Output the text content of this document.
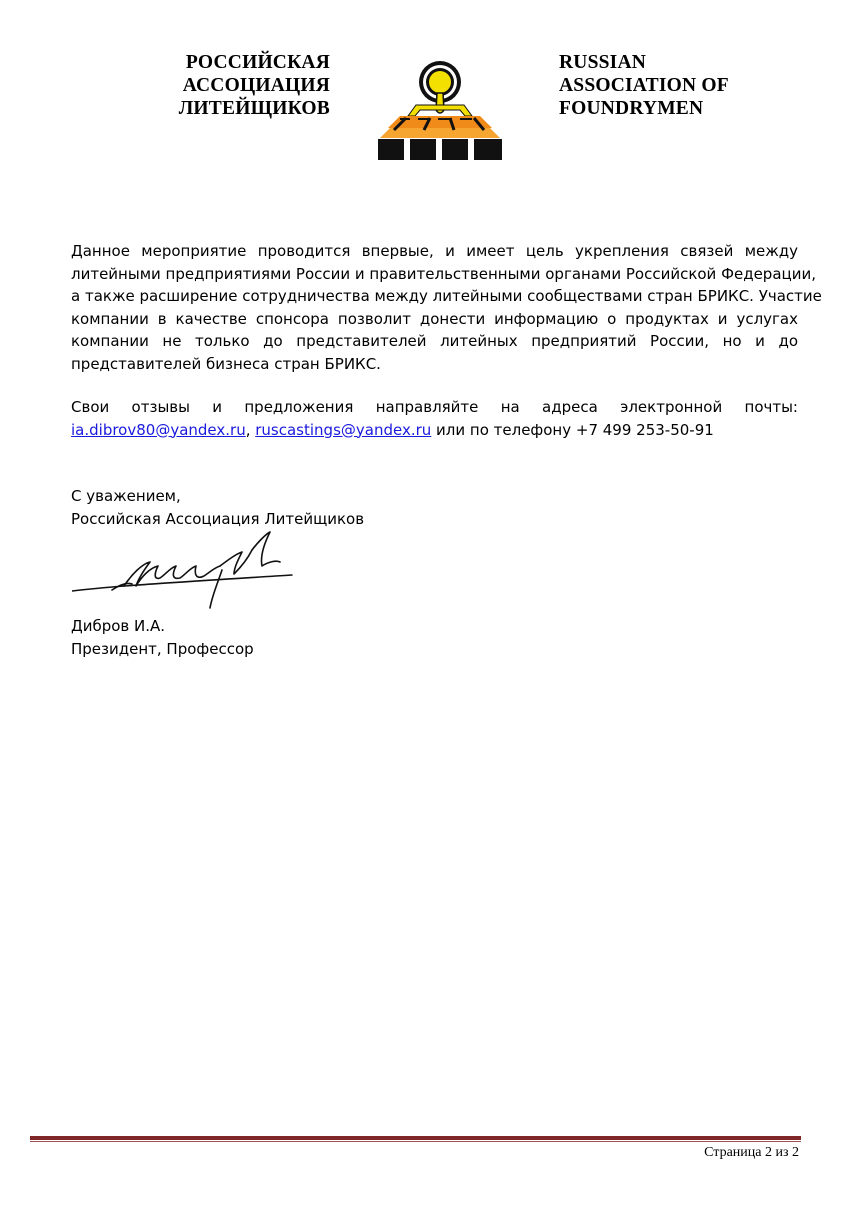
РОССИЙСКАЯ
АССОЦИАЦИЯ
ЛИТЕЙЩИКОВ
RUSSIAN
ASSOCIATION OF
FOUNDRYMEN
Данное мероприятие проводится впервые, и имеет цель укрепления связей между
литейными предприятиями России и правительственными органами Российской Федерации,
а также расширение сотрудничества между литейными сообществами стран БРИКС. Участие
компании в качестве спонсора позволит донести информацию о продуктах и услугах
компании не только до представителей литейных предприятий России, но и до
представителей бизнеса стран БРИКС.
Свои отзывы и предложения направляйте на адреса электронной почты:
ia.dibrov80@yandex.ru, ruscastings@yandex.ru или по телефону +7 499 253-50-91
С уважением,
Российская Ассоциация Литейщиков
Дибров И.А.
Президент, Профессор
Страница 2 из 2
